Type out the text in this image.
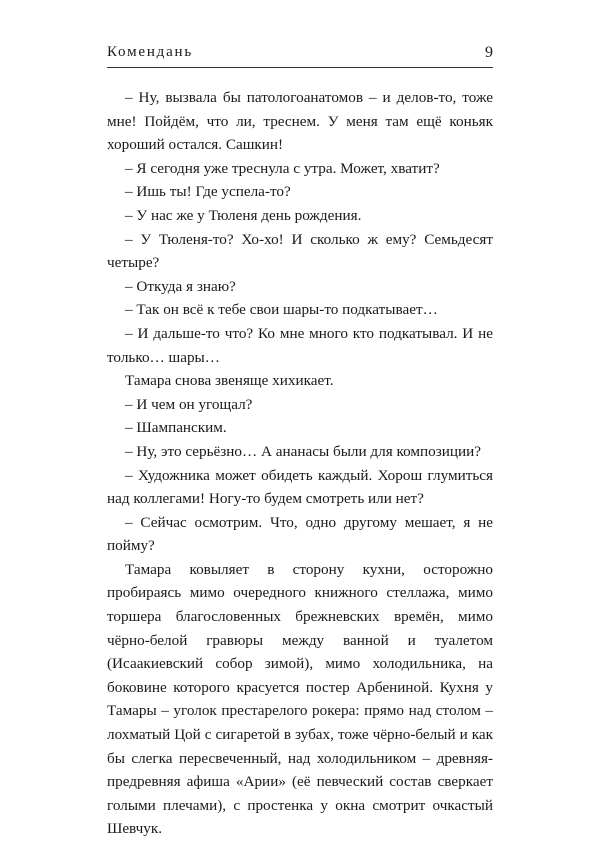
Комендань	9

– Ну, вызвала бы патологоанатомов – и делов-то, тоже мне! Пойдём, что ли, треснем. У меня там ещё коньяк хороший остался. Сашкин!

– Я сегодня уже треснула с утра. Может, хватит?

– Ишь ты! Где успела-то?

– У нас же у Тюленя день рождения.

– У Тюленя-то? Хо-хо! И сколько ж ему? Семьдесят четыре?

– Откуда я знаю?

– Так он всё к тебе свои шары-то подкатывает…

– И дальше-то что? Ко мне много кто подкатывал. И не только… шары…

Тамара снова звеняще хихикает.

– И чем он угощал?

– Шампанским.

– Ну, это серьёзно… А ананасы были для композиции?

– Художника может обидеть каждый. Хорош глумиться над коллегами! Ногу-то будем смотреть или нет?

– Сейчас осмотрим. Что, одно другому мешает, я не пойму?

Тамара ковыляет в сторону кухни, осторожно пробираясь мимо очередного книжного стеллажа, мимо торшера благословенных брежневских времён, мимо чёрно-белой гравюры между ванной и туалетом (Исаакиевский собор зимой), мимо холодильника, на боковине которого красуется постер Арбениной. Кухня у Тамары – уголок престарелого рокера: прямо над столом – лохматый Цой с сигаретой в зубах, тоже чёрно-белый и как бы слегка пересвеченный, над холодильником – древняя-предревняя афиша «Арии» (её певческий состав сверкает голыми плечами), с простенка у окна смотрит очкастый Шевчук.
